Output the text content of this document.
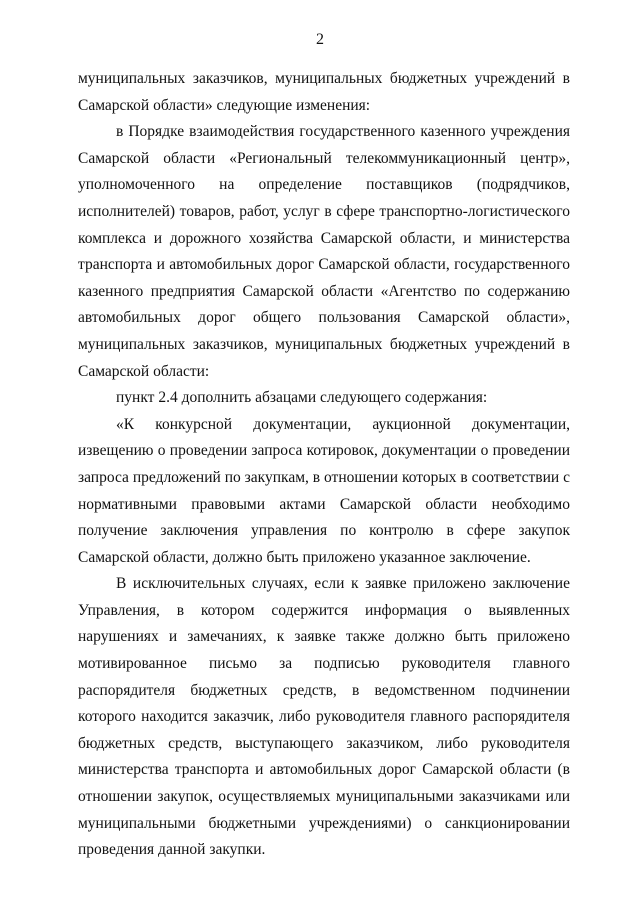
2

муниципальных заказчиков, муниципальных бюджетных учреждений в Самарской области» следующие изменения:

в Порядке взаимодействия государственного казенного учреждения Самарской области «Региональный телекоммуникационный центр», уполномоченного на определение поставщиков (подрядчиков, исполнителей) товаров, работ, услуг в сфере транспортно-логистического комплекса и дорожного хозяйства Самарской области, и министерства транспорта и автомобильных дорог Самарской области, государственного казенного предприятия Самарской области «Агентство по содержанию автомобильных дорог общего пользования Самарской области», муниципальных заказчиков, муниципальных бюджетных учреждений в Самарской области:

пункт 2.4 дополнить абзацами следующего содержания:

«К конкурсной документации, аукционной документации, извещению о проведении запроса котировок, документации о проведении запроса предложений по закупкам, в отношении которых в соответствии с нормативными правовыми актами Самарской области необходимо получение заключения управления по контролю в сфере закупок Самарской области, должно быть приложено указанное заключение.

В исключительных случаях, если к заявке приложено заключение Управления, в котором содержится информация о выявленных нарушениях и замечаниях, к заявке также должно быть приложено мотивированное письмо за подписью руководителя главного распорядителя бюджетных средств, в ведомственном подчинении которого находится заказчик, либо руководителя главного распорядителя бюджетных средств, выступающего заказчиком, либо руководителя министерства транспорта и автомобильных дорог Самарской области (в отношении закупок, осуществляемых муниципальными заказчиками или муниципальными бюджетными учреждениями) о санкционировании проведения данной закупки.
